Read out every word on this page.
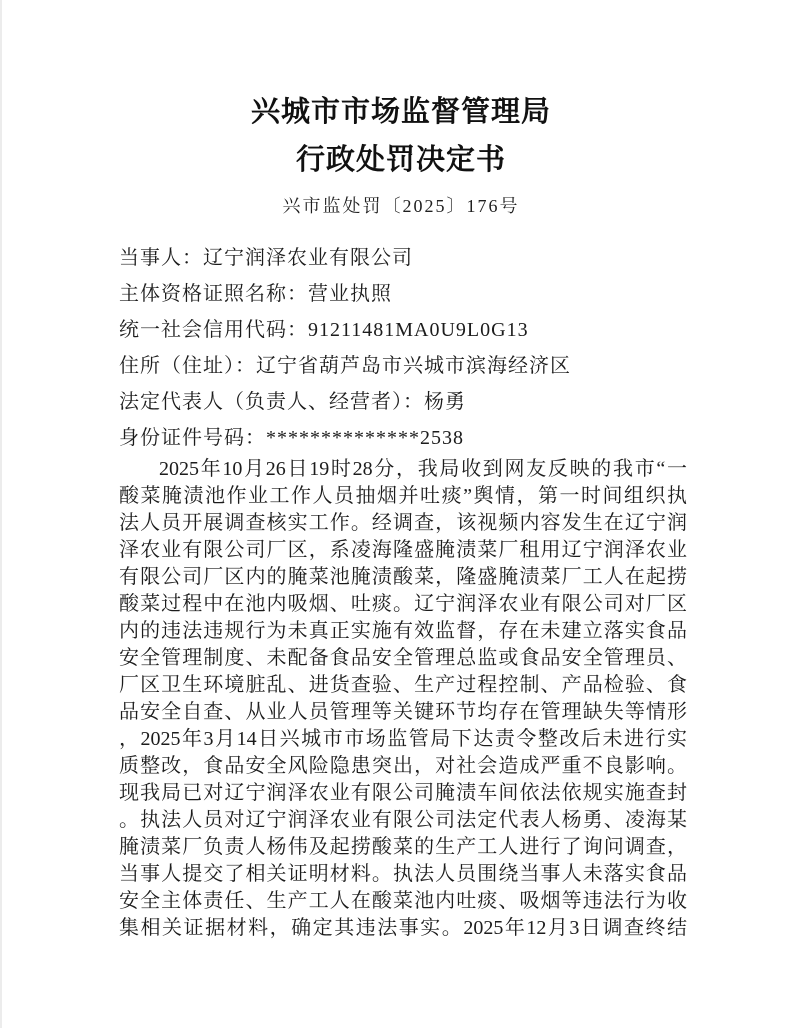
兴城市市场监督管理局
行政处罚决定书
兴市监处罚〔2025〕176号
当事人：辽宁润泽农业有限公司
主体资格证照名称：营业执照
统一社会信用代码：91211481MA0U9L0G13
住所（住址）：辽宁省葫芦岛市兴城市滨海经济区
法定代表人（负责人、经营者）：杨勇
身份证件号码：**************2538
2025年10月26日19时28分，我局收到网友反映的我市“一
酸菜腌渍池作业工作人员抽烟并吐痰”舆情，第一时间组织执
法人员开展调查核实工作。经调查，该视频内容发生在辽宁润
泽农业有限公司厂区，系凌海隆盛腌渍菜厂租用辽宁润泽农业
有限公司厂区内的腌菜池腌渍酸菜，隆盛腌渍菜厂工人在起捞
酸菜过程中在池内吸烟、吐痰。辽宁润泽农业有限公司对厂区
内的违法违规行为未真正实施有效监督，存在未建立落实食品
安全管理制度、未配备食品安全管理总监或食品安全管理员、
厂区卫生环境脏乱、进货查验、生产过程控制、产品检验、食
品安全自查、从业人员管理等关键环节均存在管理缺失等情形
，2025年3月14日兴城市市场监管局下达责令整改后未进行实
质整改，食品安全风险隐患突出，对社会造成严重不良影响。
现我局已对辽宁润泽农业有限公司腌渍车间依法依规实施查封
。执法人员对辽宁润泽农业有限公司法定代表人杨勇、凌海某
腌渍菜厂负责人杨伟及起捞酸菜的生产工人进行了询问调查，
当事人提交了相关证明材料。执法人员围绕当事人未落实食品
安全主体责任、生产工人在酸菜池内吐痰、吸烟等违法行为收
集相关证据材料，确定其违法事实。2025年12月3日调查终结
